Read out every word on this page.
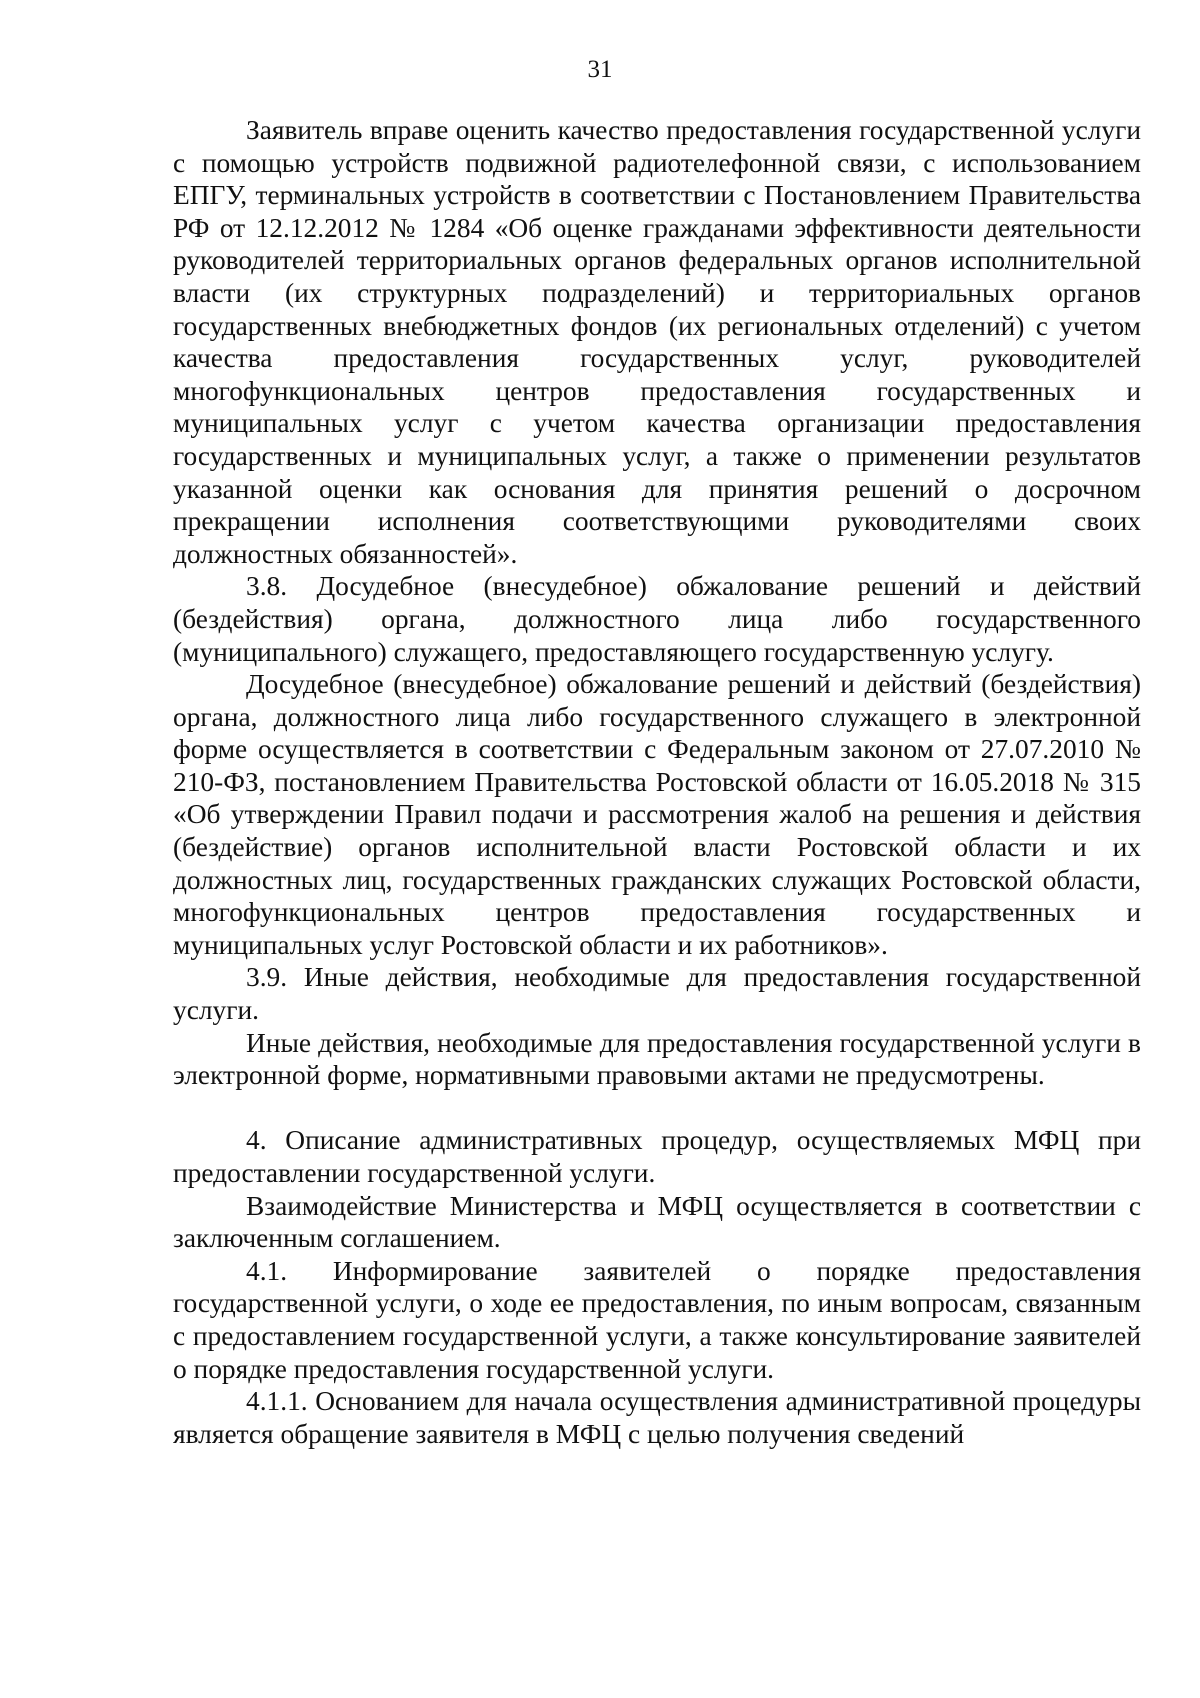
31

Заявитель вправе оценить качество предоставления государственной услуги с помощью устройств подвижной радиотелефонной связи, с использованием ЕПГУ, терминальных устройств в соответствии с Постановлением Правительства РФ от 12.12.2012 № 1284 «Об оценке гражданами эффективности деятельности руководителей территориальных органов федеральных органов исполнительной власти (их структурных подразделений) и территориальных органов государственных внебюджетных фондов (их региональных отделений) с учетом качества предоставления государственных услуг, руководителей многофункциональных центров предоставления государственных и муниципальных услуг с учетом качества организации предоставления государственных и муниципальных услуг, а также о применении результатов указанной оценки как основания для принятия решений о досрочном прекращении исполнения соответствующими руководителями своих должностных обязанностей».

3.8. Досудебное (внесудебное) обжалование решений и действий (бездействия) органа, должностного лица либо государственного (муниципального) служащего, предоставляющего государственную услугу.

Досудебное (внесудебное) обжалование решений и действий (бездействия) органа, должностного лица либо государственного служащего в электронной форме осуществляется в соответствии с Федеральным законом от 27.07.2010 № 210-ФЗ, постановлением Правительства Ростовской области от 16.05.2018 № 315 «Об утверждении Правил подачи и рассмотрения жалоб на решения и действия (бездействие) органов исполнительной власти Ростовской области и их должностных лиц, государственных гражданских служащих Ростовской области, многофункциональных центров предоставления государственных и муниципальных услуг Ростовской области и их работников».

3.9. Иные действия, необходимые для предоставления государственной услуги.

Иные действия, необходимые для предоставления государственной услуги в электронной форме, нормативными правовыми актами не предусмотрены.

4. Описание административных процедур, осуществляемых МФЦ при предоставлении государственной услуги.

Взаимодействие Министерства и МФЦ осуществляется в соответствии с заключенным соглашением.

4.1. Информирование заявителей о порядке предоставления государственной услуги, о ходе ее предоставления, по иным вопросам, связанным с предоставлением государственной услуги, а также консультирование заявителей о порядке предоставления государственной услуги.

4.1.1. Основанием для начала осуществления административной процедуры является обращение заявителя в МФЦ с целью получения сведений
